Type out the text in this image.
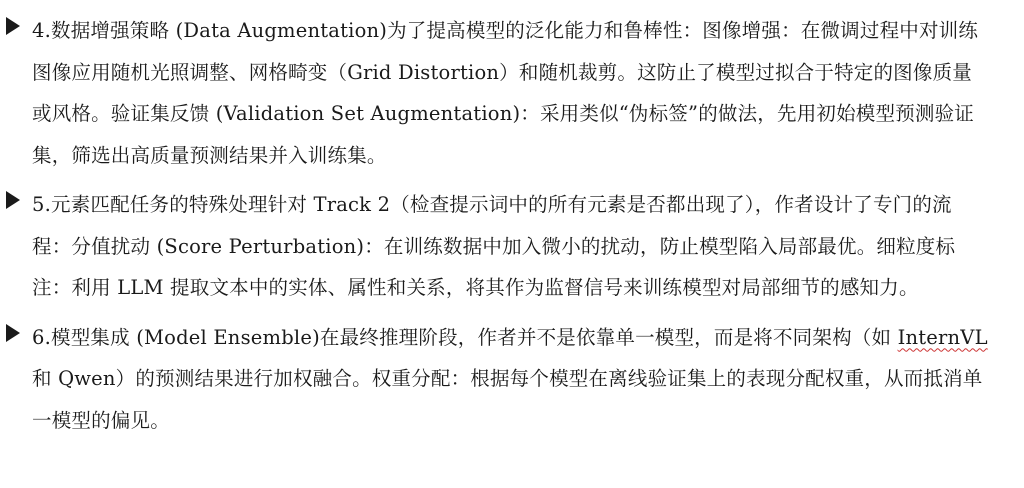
4.数据增强策略 (Data Augmentation)为了提高模型的泛化能力和鲁棒性：图像增强：在微调过程中对训练图像应用随机光照调整、网格畸变（Grid Distortion）和随机裁剪。这防止了模型过拟合于特定的图像质量或风格。验证集反馈 (Validation Set Augmentation)：采用类似“伪标签”的做法，先用初始模型预测验证集，筛选出高质量预测结果并入训练集。
5.元素匹配任务的特殊处理针对 Track 2（检查提示词中的所有元素是否都出现了），作者设计了专门的流程：分值扰动 (Score Perturbation)：在训练数据中加入微小的扰动，防止模型陷入局部最优。细粒度标注：利用 LLM 提取文本中的实体、属性和关系，将其作为监督信号来训练模型对局部细节的感知力。
6.模型集成 (Model Ensemble)在最终推理阶段，作者并不是依靠单一模型，而是将不同架构（如 InternVL 和 Qwen）的预测结果进行加权融合。权重分配：根据每个模型在离线验证集上的表现分配权重，从而抵消单一模型的偏见。
